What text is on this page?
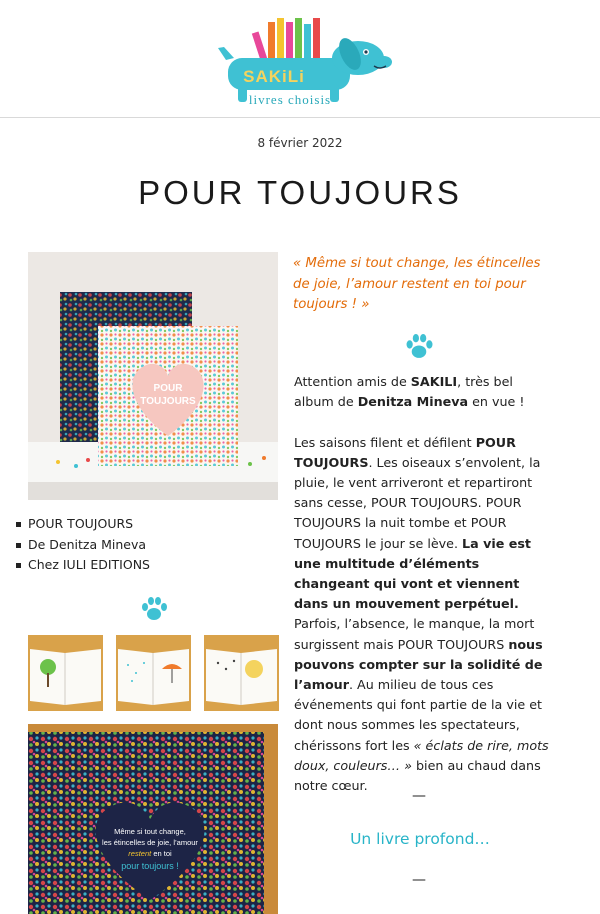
SAKiLi
livres choisis
8 février 2022
POUR TOUJOURS
POUR
TOUJOURS
POUR TOUJOURS
De Denitza Mineva
Chez IULI EDITIONS
Même si tout change,
les étincelles de joie, l’amour
restent en toi
pour toujours !
« Même si tout change, les étincelles de joie, l’amour restent en toi pour toujours ! »

Attention amis de SAKILI, très bel album de Denitza Mineva en vue !

Les saisons filent et défilent POUR TOUJOURS. Les oiseaux s’envolent, la pluie, le vent arriveront et repartiront sans cesse, POUR TOUJOURS. POUR TOUJOURS la nuit tombe et POUR TOUJOURS le jour se lève. La vie est une multitude d’éléments changeant qui vont et viennent dans un mouvement perpétuel. Parfois, l’absence, le manque, la mort surgissent mais POUR TOUJOURS nous pouvons compter sur la solidité de l’amour. Au milieu de tous ces événements qui font partie de la vie et dont nous sommes les spectateurs, chérissons fort les « éclats de rire, mots doux, couleurs… » bien au chaud dans notre cœur.

—
Un livre profond…
—
